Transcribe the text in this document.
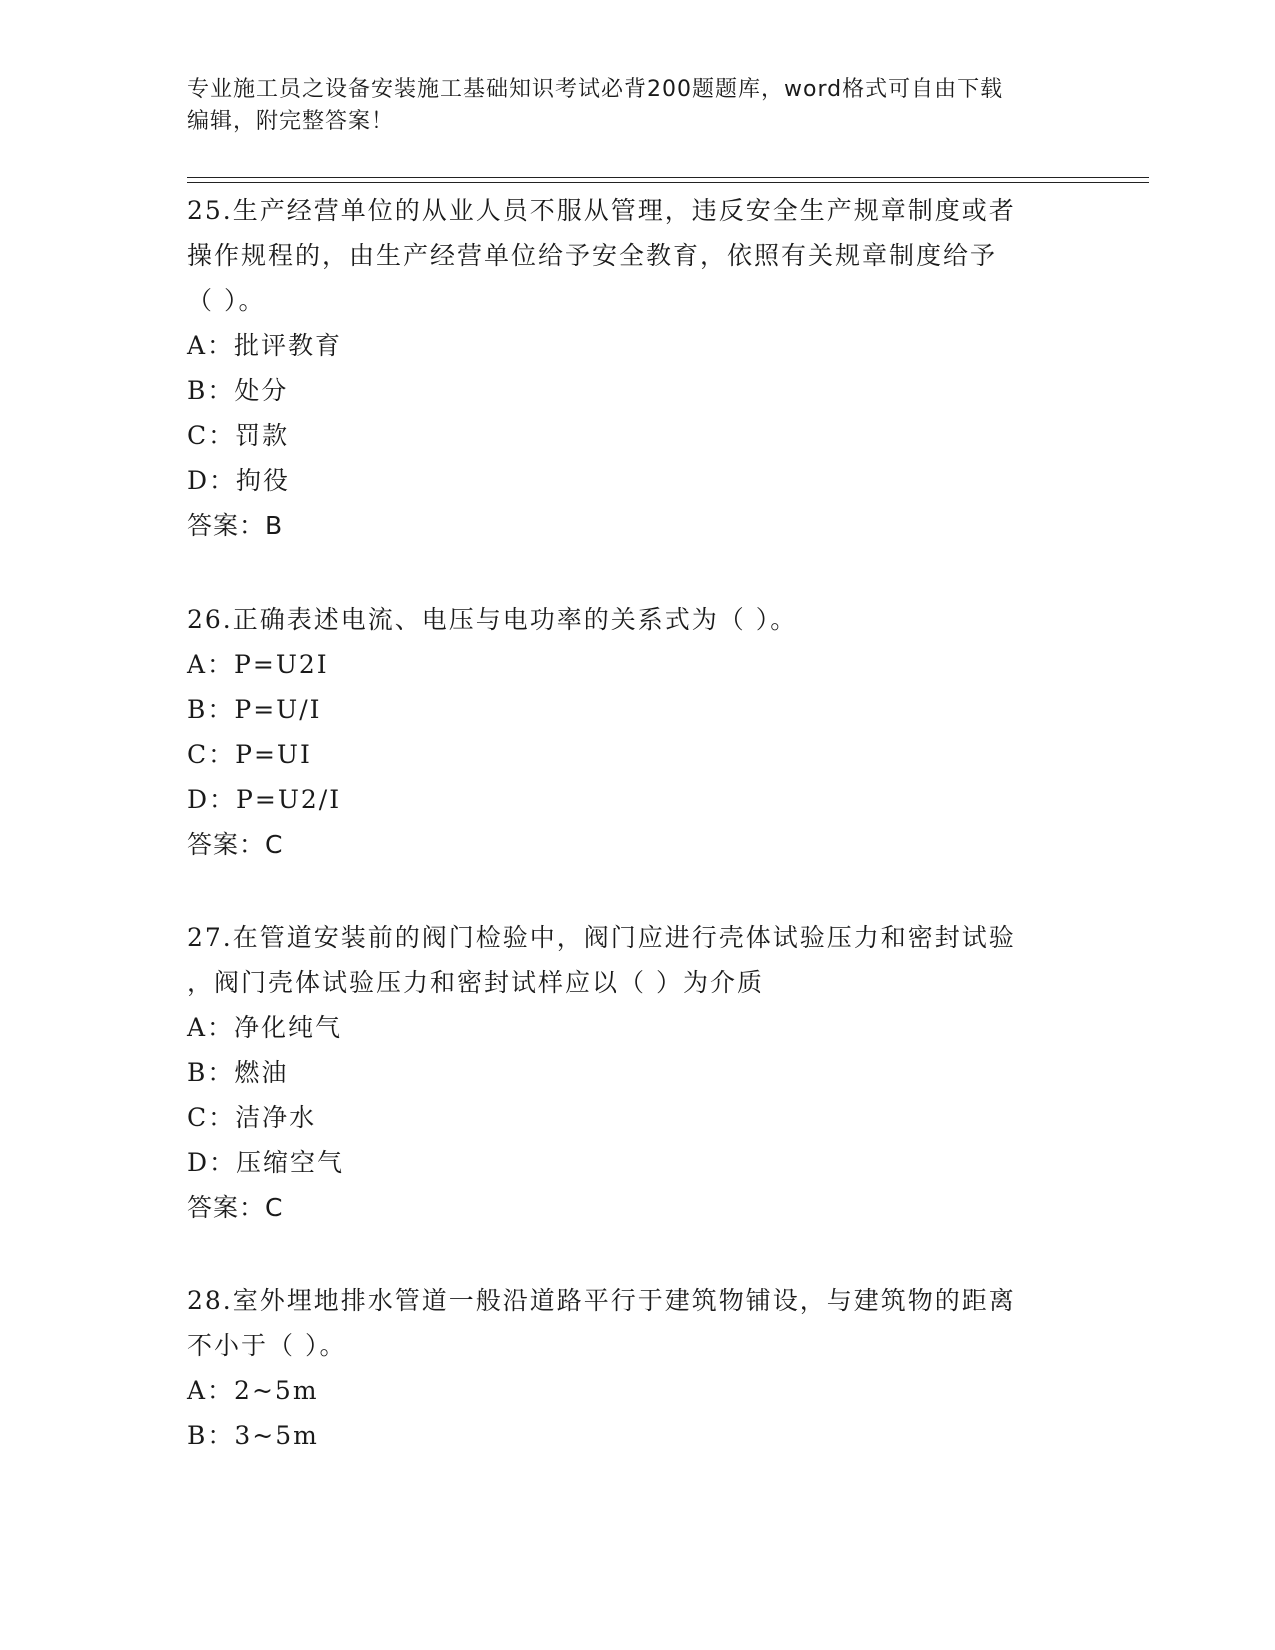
专业施工员之设备安装施工基础知识考试必背200题题库，word格式可自由下载
编辑，附完整答案！
25.生产经营单位的从业人员不服从管理，违反安全生产规章制度或者
操作规程的，由生产经营单位给予安全教育，依照有关规章制度给予
（ ）。
A：批评教育
B：处分
C：罚款
D：拘役
答案：B
26.正确表述电流、电压与电功率的关系式为（ ）。
A：P=U2I
B：P=U/I
C：P=UI
D：P=U2/I
答案：C
27.在管道安装前的阀门检验中，阀门应进行壳体试验压力和密封试验
，阀门壳体试验压力和密封试样应以（ ）为介质
A：净化纯气
B：燃油
C：洁净水
D：压缩空气
答案：C
28.室外埋地排水管道一般沿道路平行于建筑物铺设，与建筑物的距离
不小于（ ）。
A：2~5m
B：3~5m
